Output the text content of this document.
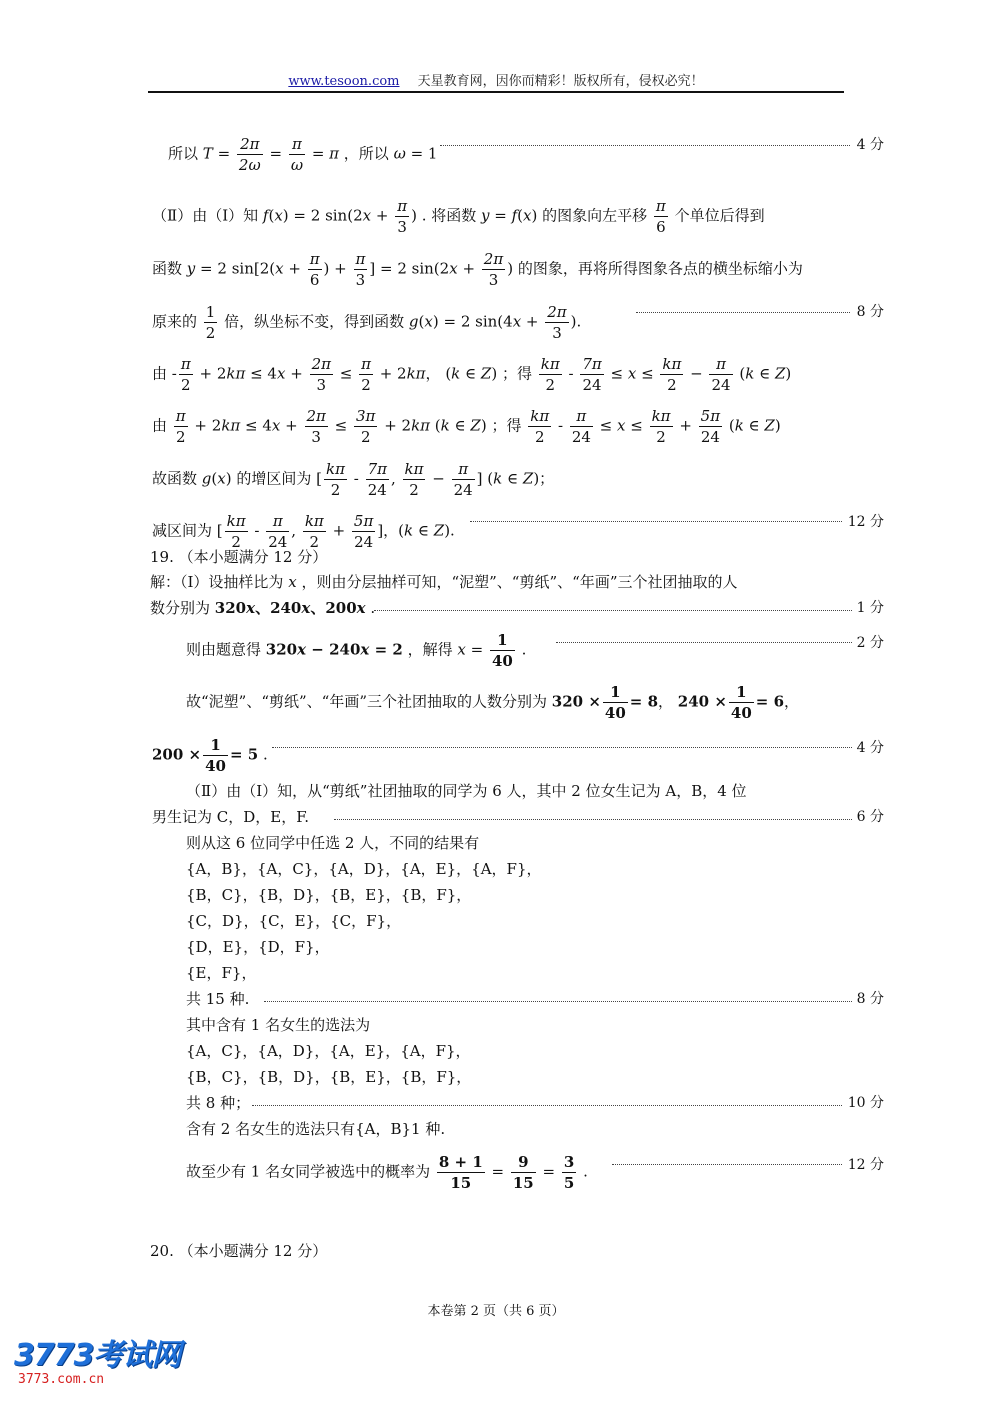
www.tesoon.com 天星教育网，因你而精彩！版权所有，侵权必究！
所以 $T = \frac{2\pi}{2\omega} = \frac{\pi}{\omega} = \pi$ ，所以 ω = 1	4 分
（Ⅱ）由（Ⅰ）知 f(x) = 2 $\sin(2x + \frac{\pi}{3}$ ) . 将函数 y = f(x) 的图象向左平移 $\frac{\pi}{6}$ 个单位后得到
函数 y = 2 $\sin[2(x + \frac{\pi}{6}$ ) + $\frac{\pi}{3}$ ] = 2 $\sin(2x + \frac{2\pi}{3}$ ) 的图象，再将所得图象各点的横坐标缩小为
原来的 $\frac{1}{2}$ 倍，纵坐标不变，得到函数 g(x) = 2 $\sin(4x + \frac{2\pi}{3}$ ).
8 分
由 - $\frac{\pi}{2} + 2k\pi \le 4x + \frac{2\pi}{3} \le \frac{\pi}{2} + 2k\pi$， (k ∈ Z) ；得 $\frac{k\pi}{2} - \frac{7\pi}{24} \le x \le \frac{k\pi}{2} - \frac{\pi}{24} (k$ ∈ Z)
由 $\frac{\pi}{2} + 2k\pi \le 4x + \frac{2\pi}{3} \le \frac{3\pi}{2} + 2k\pi$ (k ∈ Z) ；得 $\frac{k\pi}{2} - \frac{\pi}{24} \le x \le \frac{k\pi}{2} + \frac{5\pi}{24} (k$ ∈ Z)
故函数 g(x) 的增区间为 [ $\frac{k\pi}{2} - \frac{7\pi}{24}$ , $\frac{k\pi}{2} - \frac{\pi}{24}$ ] (k ∈ Z)；
减区间为 [ $\frac{k\pi}{2} - \frac{\pi}{24}$ , $\frac{k\pi}{2} + \frac{5\pi}{24}$ ]，(k ∈ Z).	12 分
19. （本小题满分 12 分）
解：（Ⅰ）设抽样比为 x ，则由分层抽样可知，“泥塑”、“剪纸”、“年画”三个社团抽取的人
数分别为 320x、240x、200x .	1 分
则由题意得 320x − 240x = 2 ，解得 $x = \frac{1}{40}$ .	2 分
故“泥塑”、“剪纸”、“年画”三个社团抽取的人数分别为 $320 \times \frac{1}{40} = 8$， $240 \times \frac{1}{40} = 6$，
$200 \times \frac{1}{40} = 5$ .	4 分
（Ⅱ）由（Ⅰ）知，从“剪纸”社团抽取的同学为 6 人，其中 2 位女生记为 A，B，4 位
男生记为 C，D，E，F.	6 分
则从这 6 位同学中任选 2 人，不同的结果有
{A，B}，{A，C}，{A，D}，{A，E}，{A，F}，
{B，C}，{B，D}，{B，E}，{B，F}，
{C，D}，{C，E}，{C，F}，
{D，E}，{D，F}，
{E，F}，
共 15 种.	8 分
其中含有 1 名女生的选法为
{A，C}，{A，D}，{A，E}，{A，F}，
{B，C}，{B，D}，{B，E}，{B，F}，
共 8 种；	10 分
含有 2 名女生的选法只有{A，B}1 种.
故至少有 1 名女同学被选中的概率为 $\frac{8 + 1}{15} = \frac{9}{15} = \frac{3}{5}$ .	12 分
20. （本小题满分 12 分）
本卷第 2 页（共 6 页）
3773考试网
3773.com.cn
